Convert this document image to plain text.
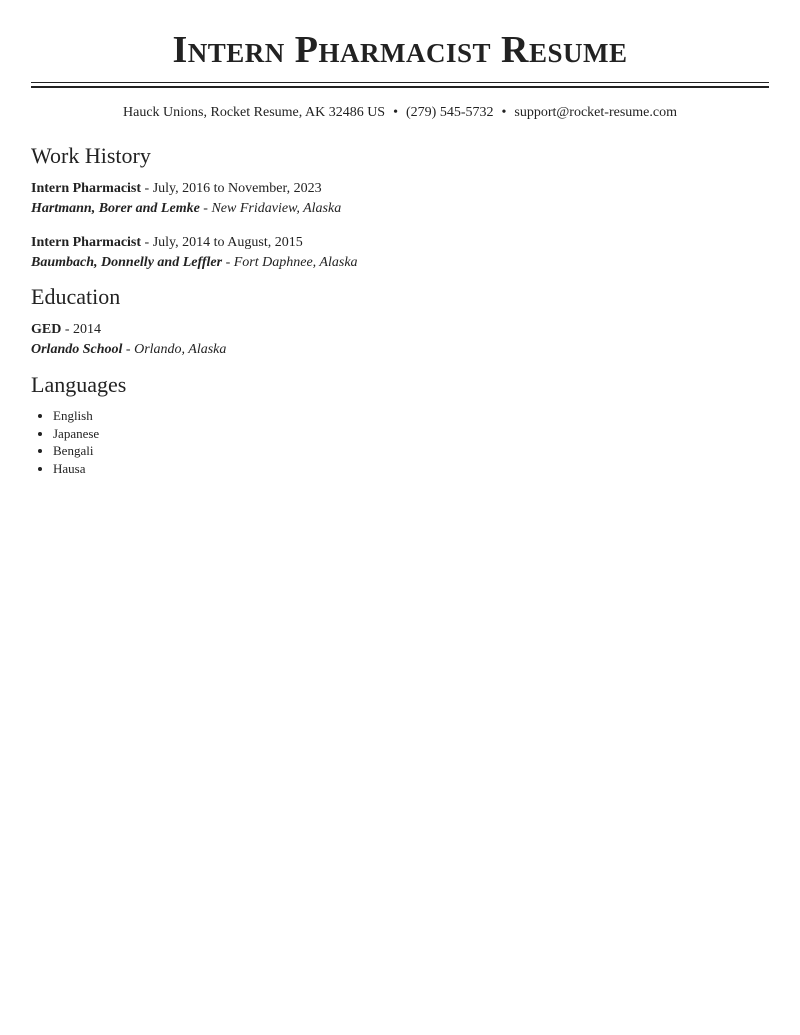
Intern Pharmacist Resume
Hauck Unions, Rocket Resume, AK 32486 US • (279) 545-5732 • support@rocket-resume.com
Work History
Intern Pharmacist - July, 2016 to November, 2023
Hartmann, Borer and Lemke - New Fridaview, Alaska
Intern Pharmacist - July, 2014 to August, 2015
Baumbach, Donnelly and Leffler - Fort Daphnee, Alaska
Education
GED - 2014
Orlando School - Orlando, Alaska
Languages
• English
• Japanese
• Bengali
• Hausa
